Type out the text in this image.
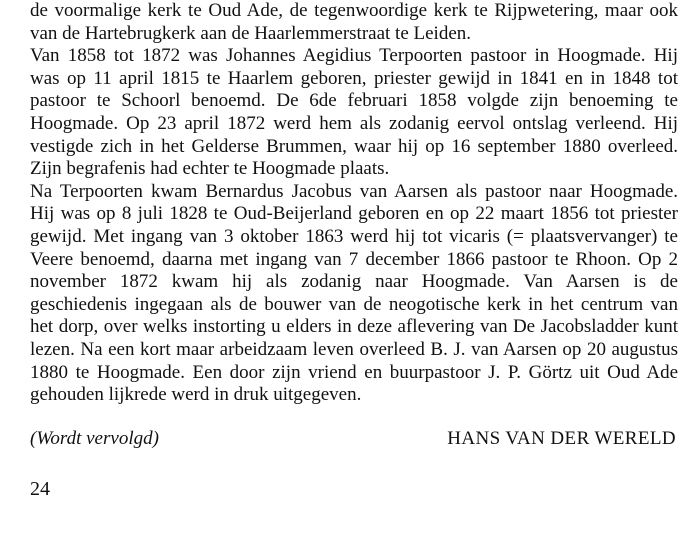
de voormalige kerk te Oud Ade, de tegenwoordige kerk te Rijpwetering, maar ook
van de Hartebrugkerk aan de Haarlemmerstraat te Leiden.
Van 1858 tot 1872 was Johannes Aegidius Terpoorten pastoor in Hoogmade. Hij
was op 11 april 1815 te Haarlem geboren, priester gewijd in 1841 en in 1848 tot
pastoor te Schoorl benoemd. De 6de februari 1858 volgde zijn benoeming te
Hoogmade. Op 23 april 1872 werd hem als zodanig eervol ontslag verleend. Hij
vestigde zich in het Gelderse Brummen, waar hij op 16 september 1880 overleed.
Zijn begrafenis had echter te Hoogmade plaats.
Na Terpoorten kwam Bernardus Jacobus van Aarsen als pastoor naar Hoogmade.
Hij was op 8 juli 1828 te Oud-Beijerland geboren en op 22 maart 1856 tot priester
gewijd. Met ingang van 3 oktober 1863 werd hij tot vicaris (= plaatsvervanger) te
Veere benoemd, daarna met ingang van 7 december 1866 pastoor te Rhoon. Op 2
november 1872 kwam hij als zodanig naar Hoogmade. Van Aarsen is de
geschiedenis ingegaan als de bouwer van de neogotische kerk in het centrum van
het dorp, over welks instorting u elders in deze aflevering van De Jacobsladder kunt
lezen. Na een kort maar arbeidzaam leven overleed B. J. van Aarsen op 20 augustus
1880 te Hoogmade. Een door zijn vriend en buurpastoor J. P. Görtz uit Oud Ade
gehouden lijkrede werd in druk uitgegeven.
(Wordt vervolgd)	HANS VAN DER WERELD
24
